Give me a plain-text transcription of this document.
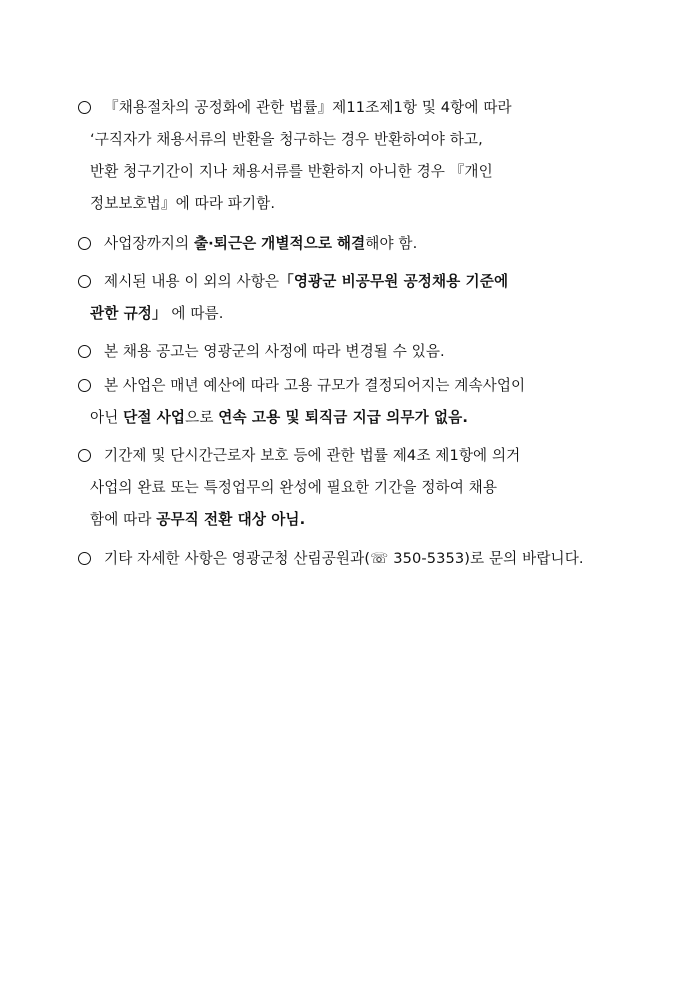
『채용절차의 공정화에 관한 법률』제11조제1항 및 4항에 따라
‘구직자가 채용서류의 반환을 청구하는 경우 반환하여야 하고,
반환 청구기간이 지나 채용서류를 반환하지 아니한 경우 『개인
정보보호법』에 따라 파기함.
사업장까지의 출·퇴근은 개별적으로 해결해야 함.
제시된 내용 이 외의 사항은「영광군 비공무원 공정채용 기준에
관한 규정」 에 따름.
본 채용 공고는 영광군의 사정에 따라 변경될 수 있음.
본 사업은 매년 예산에 따라 고용 규모가 결정되어지는 계속사업이
아닌 단절 사업으로 연속 고용 및 퇴직금 지급 의무가 없음.
기간제 및 단시간근로자 보호 등에 관한 법률 제4조 제1항에 의거
사업의 완료 또는 특정업무의 완성에 필요한 기간을 정하여 채용
함에 따라 공무직 전환 대상 아님.
기타 자세한 사항은 영광군청 산림공원과(☏ 350-5353)로 문의 바랍니다.
